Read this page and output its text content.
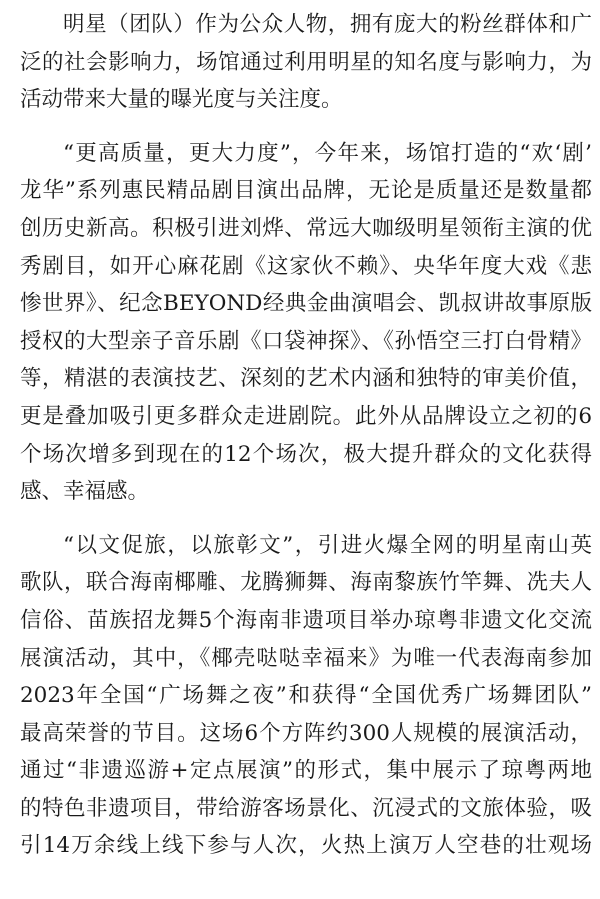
明星（团队）作为公众人物，拥有庞大的粉丝群体和广
泛的社会影响力，场馆通过利用明星的知名度与影响力，为
活动带来大量的曝光度与关注度。
“更高质量，更大力度”，今年来，场馆打造的“欢‘剧’
龙华”系列惠民精品剧目演出品牌，无论是质量还是数量都
创历史新高。积极引进刘烨、常远大咖级明星领衔主演的优
秀剧目，如开心麻花剧《这家伙不赖》、央华年度大戏《悲
惨世界》、纪念BEYOND经典金曲演唱会、凯叔讲故事原版
授权的大型亲子音乐剧《口袋神探》、《孙悟空三打白骨精》
等，精湛的表演技艺、深刻的艺术内涵和独特的审美价值，
更是叠加吸引更多群众走进剧院。此外从品牌设立之初的6
个场次增多到现在的12个场次，极大提升群众的文化获得
感、幸福感。
“以文促旅，以旅彰文”，引进火爆全网的明星南山英
歌队，联合海南椰雕、龙腾狮舞、海南黎族竹竿舞、冼夫人
信俗、苗族招龙舞5个海南非遗项目举办琼粤非遗文化交流
展演活动，其中，《椰壳哒哒幸福来》为唯一代表海南参加
2023年全国“广场舞之夜”和获得“全国优秀广场舞团队”
最高荣誉的节目。这场6个方阵约300人规模的展演活动，
通过“非遗巡游+定点展演”的形式，集中展示了琼粤两地
的特色非遗项目，带给游客场景化、沉浸式的文旅体验，吸
引14万余线上线下参与人次，火热上演万人空巷的壮观场
